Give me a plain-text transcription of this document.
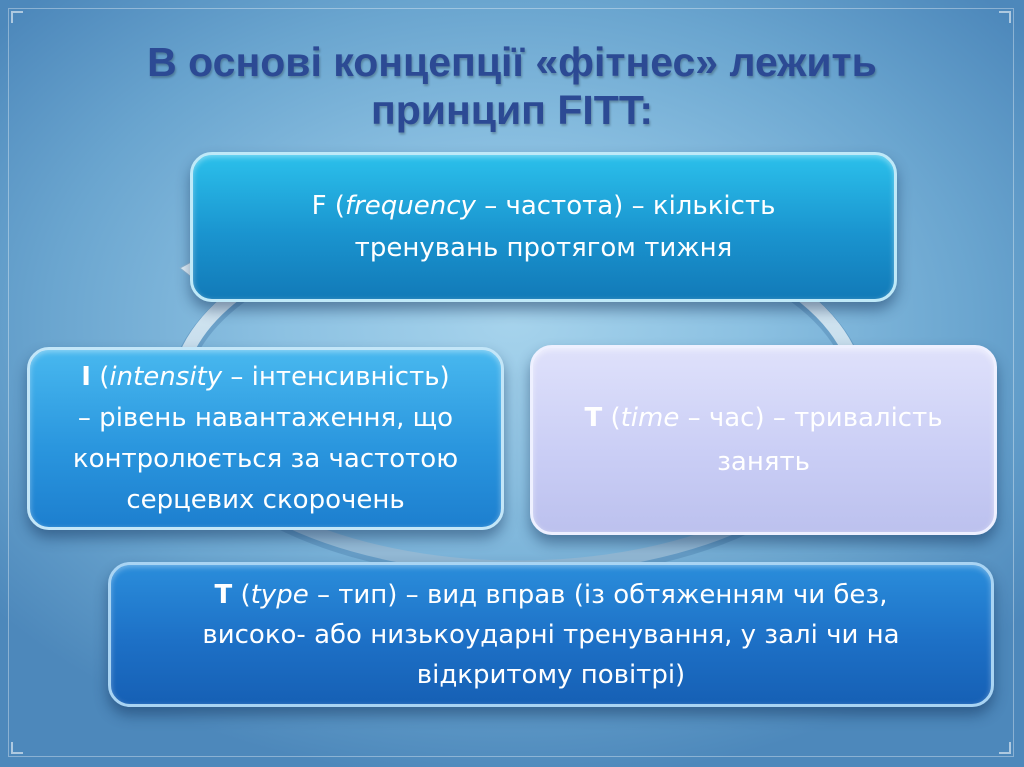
В основі концепції «фітнес» лежить
принцип FITT:

F (frequency – частота) – кількість
тренувань протягом тижня

I (intensity – інтенсивність)
– рівень навантаження, що
контролюється за частотою
серцевих скорочень

T (time – час) – тривалість
занять

T (type – тип) – вид вправ (із обтяженням чи без,
високо- або низькоударні тренування, у залі чи на
відкритому повітрі)
